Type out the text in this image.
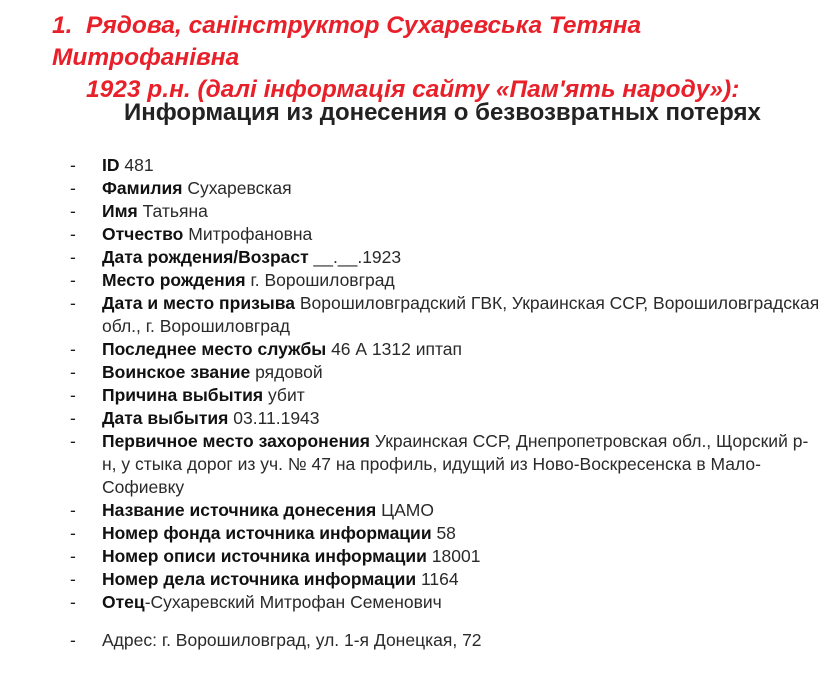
1. Рядова, санінструктор Сухаревська Тетяна Митрофанівна
1923 р.н. (далі інформація сайту «Пам'ять народу»):
Информация из донесения о безвозвратных потерях
- ID 481
- Фамилия Сухаревская
- Имя Татьяна
- Отчество Митрофановна
- Дата рождения/Возраст __.__.1923
- Место рождения г. Ворошиловград
- Дата и место призыва Ворошиловградский ГВК, Украинская ССР, Ворошиловградская обл., г. Ворошиловград
- Последнее место службы 46 А 1312 иптап
- Воинское звание рядовой
- Причина выбытия убит
- Дата выбытия 03.11.1943
- Первичное место захоронения Украинская ССР, Днепропетровская обл., Щорский р-н, у стыка дорог из уч. № 47 на профиль, идущий из Ново-Воскресенска в Мало-Софиевку
- Название источника донесения ЦАМО
- Номер фонда источника информации 58
- Номер описи источника информации 18001
- Номер дела источника информации 1164
- Отец-Сухаревский Митрофан Семенович
- Адрес: г. Ворошиловград, ул. 1-я Донецкая, 72
